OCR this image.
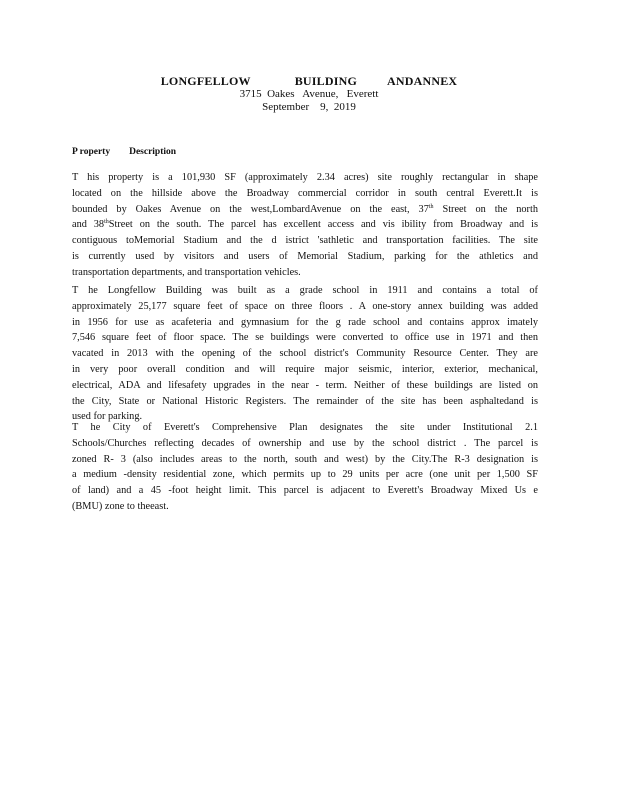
LONGFELLOW	BUILDING	ANDANNEX
3715  Oakes   Avenue,   Everett
September    9,  2019
P roperty        Description
T his property is a 101,930 SF (approximately 2.34 acres) site roughly rectangular in shape
located on the hillside above the Broadway commercial corridor in south central Everett.It is
bounded by Oakes Avenue on the west,LombardAvenue on the east, 37th Street on the north
and 38thStreet on the south. The parcel has excellent access and vis ibility from Broadway and is
contiguous toMemorial Stadium and the d istrict 'sathletic and transportation facilities. The site
is currently used by visitors and users of Memorial Stadium, parking for the athletics and
transportation departments, and transportation vehicles.
T he Longfellow Building was built as a grade school in 1911 and contains a total of
approximately 25,177 square feet of space on three floors . A one-story annex building was added
in 1956 for use as acafeteria and gymnasium for the g rade school and contains approx imately
7,546 square feet of floor space. The se buildings were converted to office use in 1971 and then
vacated in 2013 with the opening of the school district's Community Resource Center. They are
in very poor overall condition and will require major seismic, interior, exterior, mechanical,
electrical, ADA and lifesafety upgrades in the near - term. Neither of these buildings are listed on
the City, State or National Historic Registers. The remainder of the site has been asphaltedand is
used for parking.
T he City of Everett's Comprehensive Plan designates the site under Institutional 2.1
Schools/Churches reflecting decades of ownership and use by the school district . The parcel is
zoned R- 3 (also includes areas to the north, south and west) by the City.The R-3 designation is
a medium -density residential zone, which permits up to 29 units per acre (one unit per 1,500 SF
of land) and a 45 -foot height limit. This parcel is adjacent to Everett's Broadway Mixed Us e
(BMU) zone to theeast.
